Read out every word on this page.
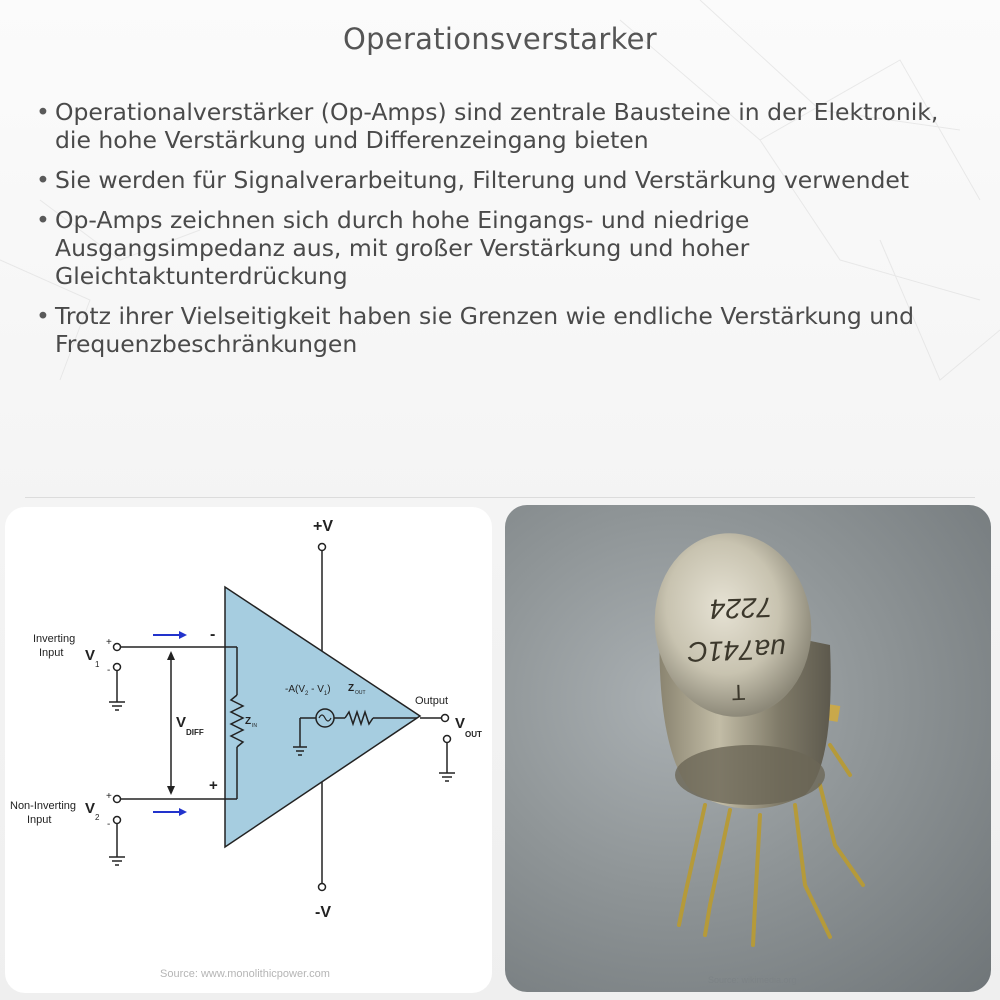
Operationsverstarker
• Operationalverstärker (Op-Amps) sind zentrale Bausteine in der Elektronik, die hohe Verstärkung und Differenzeingang bieten
• Sie werden für Signalverarbeitung, Filterung und Verstärkung verwendet
• Op-Amps zeichnen sich durch hohe Eingangs- und niedrige Ausgangsimpedanz aus, mit großer Verstärkung und hoher Gleichtaktunterdrückung
• Trotz ihrer Vielseitigkeit haben sie Grenzen wie endliche Verstärkung und Frequenzbeschränkungen
+V
-V
Inverting
Input
Non-Inverting
Input
V
1
+
-
V
2
+
-
V
DIFF
Z IN
-
+
$-A(V_2 - V_1)$ Z OUT
Output
V
OUT
Source: www.monolithicpower.com
T
ua741C
7224
Source: wikimedia.org
